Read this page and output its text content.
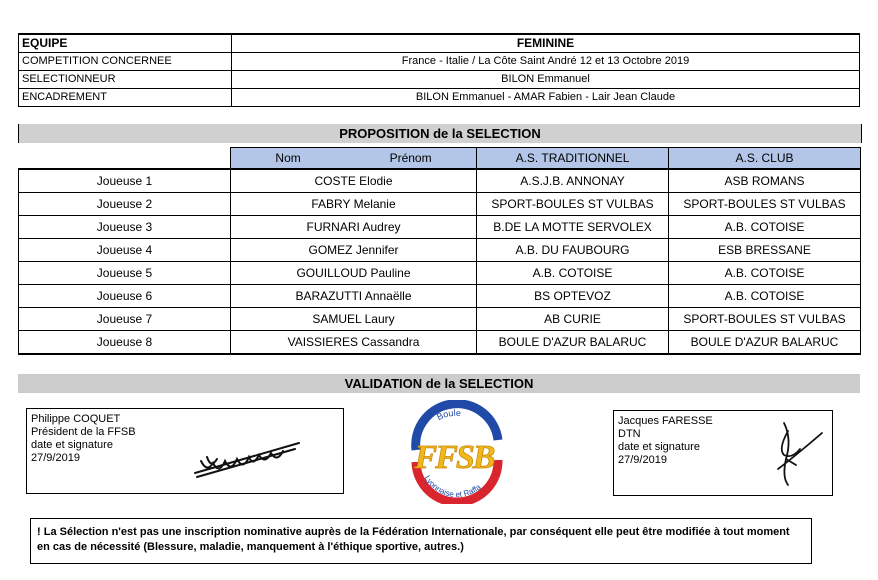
EQUIPE	FEMININE
COMPETITION CONCERNEE	France - Italie / La Côte Saint André 12 et 13 Octobre 2019
SELECTIONNEUR	BILON Emmanuel
ENCADREMENT	BILON Emmanuel - AMAR Fabien - Lair Jean Claude
PROPOSITION de la SELECTION

	Nom Prénom	A.S. TRADITIONNEL	A.S. CLUB
Joueuse 1	COSTE Elodie	A.S.J.B. ANNONAY	ASB ROMANS
Joueuse 2	FABRY Melanie	SPORT-BOULES ST VULBAS	SPORT-BOULES ST VULBAS
Joueuse 3	FURNARI Audrey	B.DE LA MOTTE SERVOLEX	A.B. COTOISE
Joueuse 4	GOMEZ Jennifer	A.B. DU FAUBOURG	ESB BRESSANE
Joueuse 5	GOUILLOUD Pauline	A.B. COTOISE	A.B. COTOISE
Joueuse 6	BARAZUTTI Annaëlle	BS OPTEVOZ	A.B. COTOISE
Joueuse 7	SAMUEL Laury	AB CURIE	SPORT-BOULES ST VULBAS
Joueuse 8	VAISSIERES Cassandra	BOULE D'AZUR BALARUC	BOULE D'AZUR BALARUC
VALIDATION de la SELECTION
Philippe COQUET
Président de la FFSB
date et signature
27/9/2019
Boule
Lyonnaise et Raffa
FFSB
Jacques FARESSE
DTN
date et signature
27/9/2019
! La Sélection n'est pas une inscription nominative auprès de la Fédération Internationale, par conséquent elle peut être modifiée à tout moment en cas de nécessité (Blessure, maladie, manquement à l'éthique sportive, autres.)
